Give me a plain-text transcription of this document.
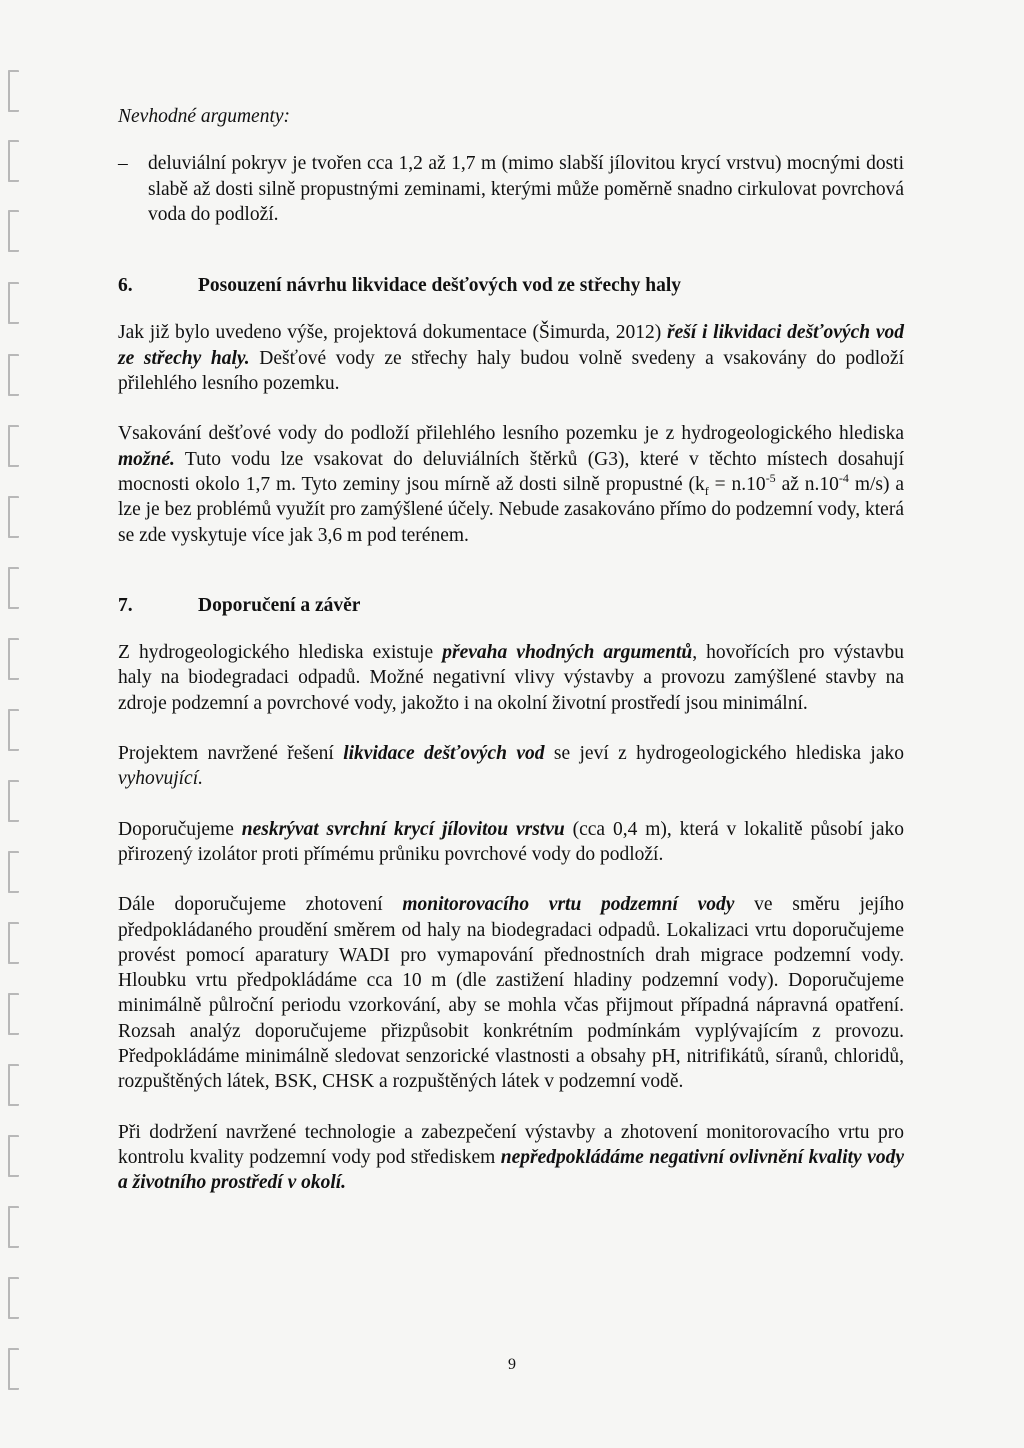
Nevhodné argumenty:

–	deluviální pokryv je tvořen cca 1,2 až 1,7 m (mimo slabší jílovitou krycí vrstvu) mocnými dosti slabě až dosti silně propustnými zeminami, kterými může poměrně snadno cirkulovat povrchová voda do podloží.
6.	Posouzení návrhu likvidace dešťových vod ze střechy haly

Jak již bylo uvedeno výše, projektová dokumentace (Šimurda, 2012) řeší i likvidaci dešťových vod ze střechy haly. Dešťové vody ze střechy haly budou volně svedeny a vsakovány do podloží přilehlého lesního pozemku.

Vsakování dešťové vody do podloží přilehlého lesního pozemku je z hydrogeologického hlediska možné. Tuto vodu lze vsakovat do deluviálních štěrků (G3), které v těchto místech dosahují mocnosti okolo 1,7 m. Tyto zeminy jsou mírně až dosti silně propustné ($k_f = n.10^{-5}$ až $n.10^{-4}$ m/s) a lze je bez problémů využít pro zamýšlené účely. Nebude zasakováno přímo do podzemní vody, která se zde vyskytuje více jak 3,6 m pod terénem.

7.	Doporučení a závěr

Z hydrogeologického hlediska existuje převaha vhodných argumentů, hovořících pro výstavbu haly na biodegradaci odpadů. Možné negativní vlivy výstavby a provozu zamýšlené stavby na zdroje podzemní a povrchové vody, jakožto i na okolní životní prostředí jsou minimální.

Projektem navržené řešení likvidace dešťových vod se jeví z hydrogeologického hlediska jako vyhovující.

Doporučujeme neskrývat svrchní krycí jílovitou vrstvu (cca 0,4 m), která v lokalitě působí jako přirozený izolátor proti přímému průniku povrchové vody do podloží.

Dále doporučujeme zhotovení monitorovacího vrtu podzemní vody ve směru jejího předpokládaného proudění směrem od haly na biodegradaci odpadů. Lokalizaci vrtu doporučujeme provést pomocí aparatury WADI pro vymapování přednostních drah migrace podzemní vody. Hloubku vrtu předpokládáme cca 10 m (dle zastižení hladiny podzemní vody). Doporučujeme minimálně půlroční periodu vzorkování, aby se mohla včas přijmout případná nápravná opatření. Rozsah analýz doporučujeme přizpůsobit konkrétním podmínkám vyplývajícím z provozu. Předpokládáme minimálně sledovat senzorické vlastnosti a obsahy pH, nitrifikátů, síranů, chloridů, rozpuštěných látek, BSK, CHSK a rozpuštěných látek v podzemní vodě.

Při dodržení navržené technologie a zabezpečení výstavby a zhotovení monitorovacího vrtu pro kontrolu kvality podzemní vody pod střediskem nepředpokládáme negativní ovlivnění kvality vody a životního prostředí v okolí.

9
